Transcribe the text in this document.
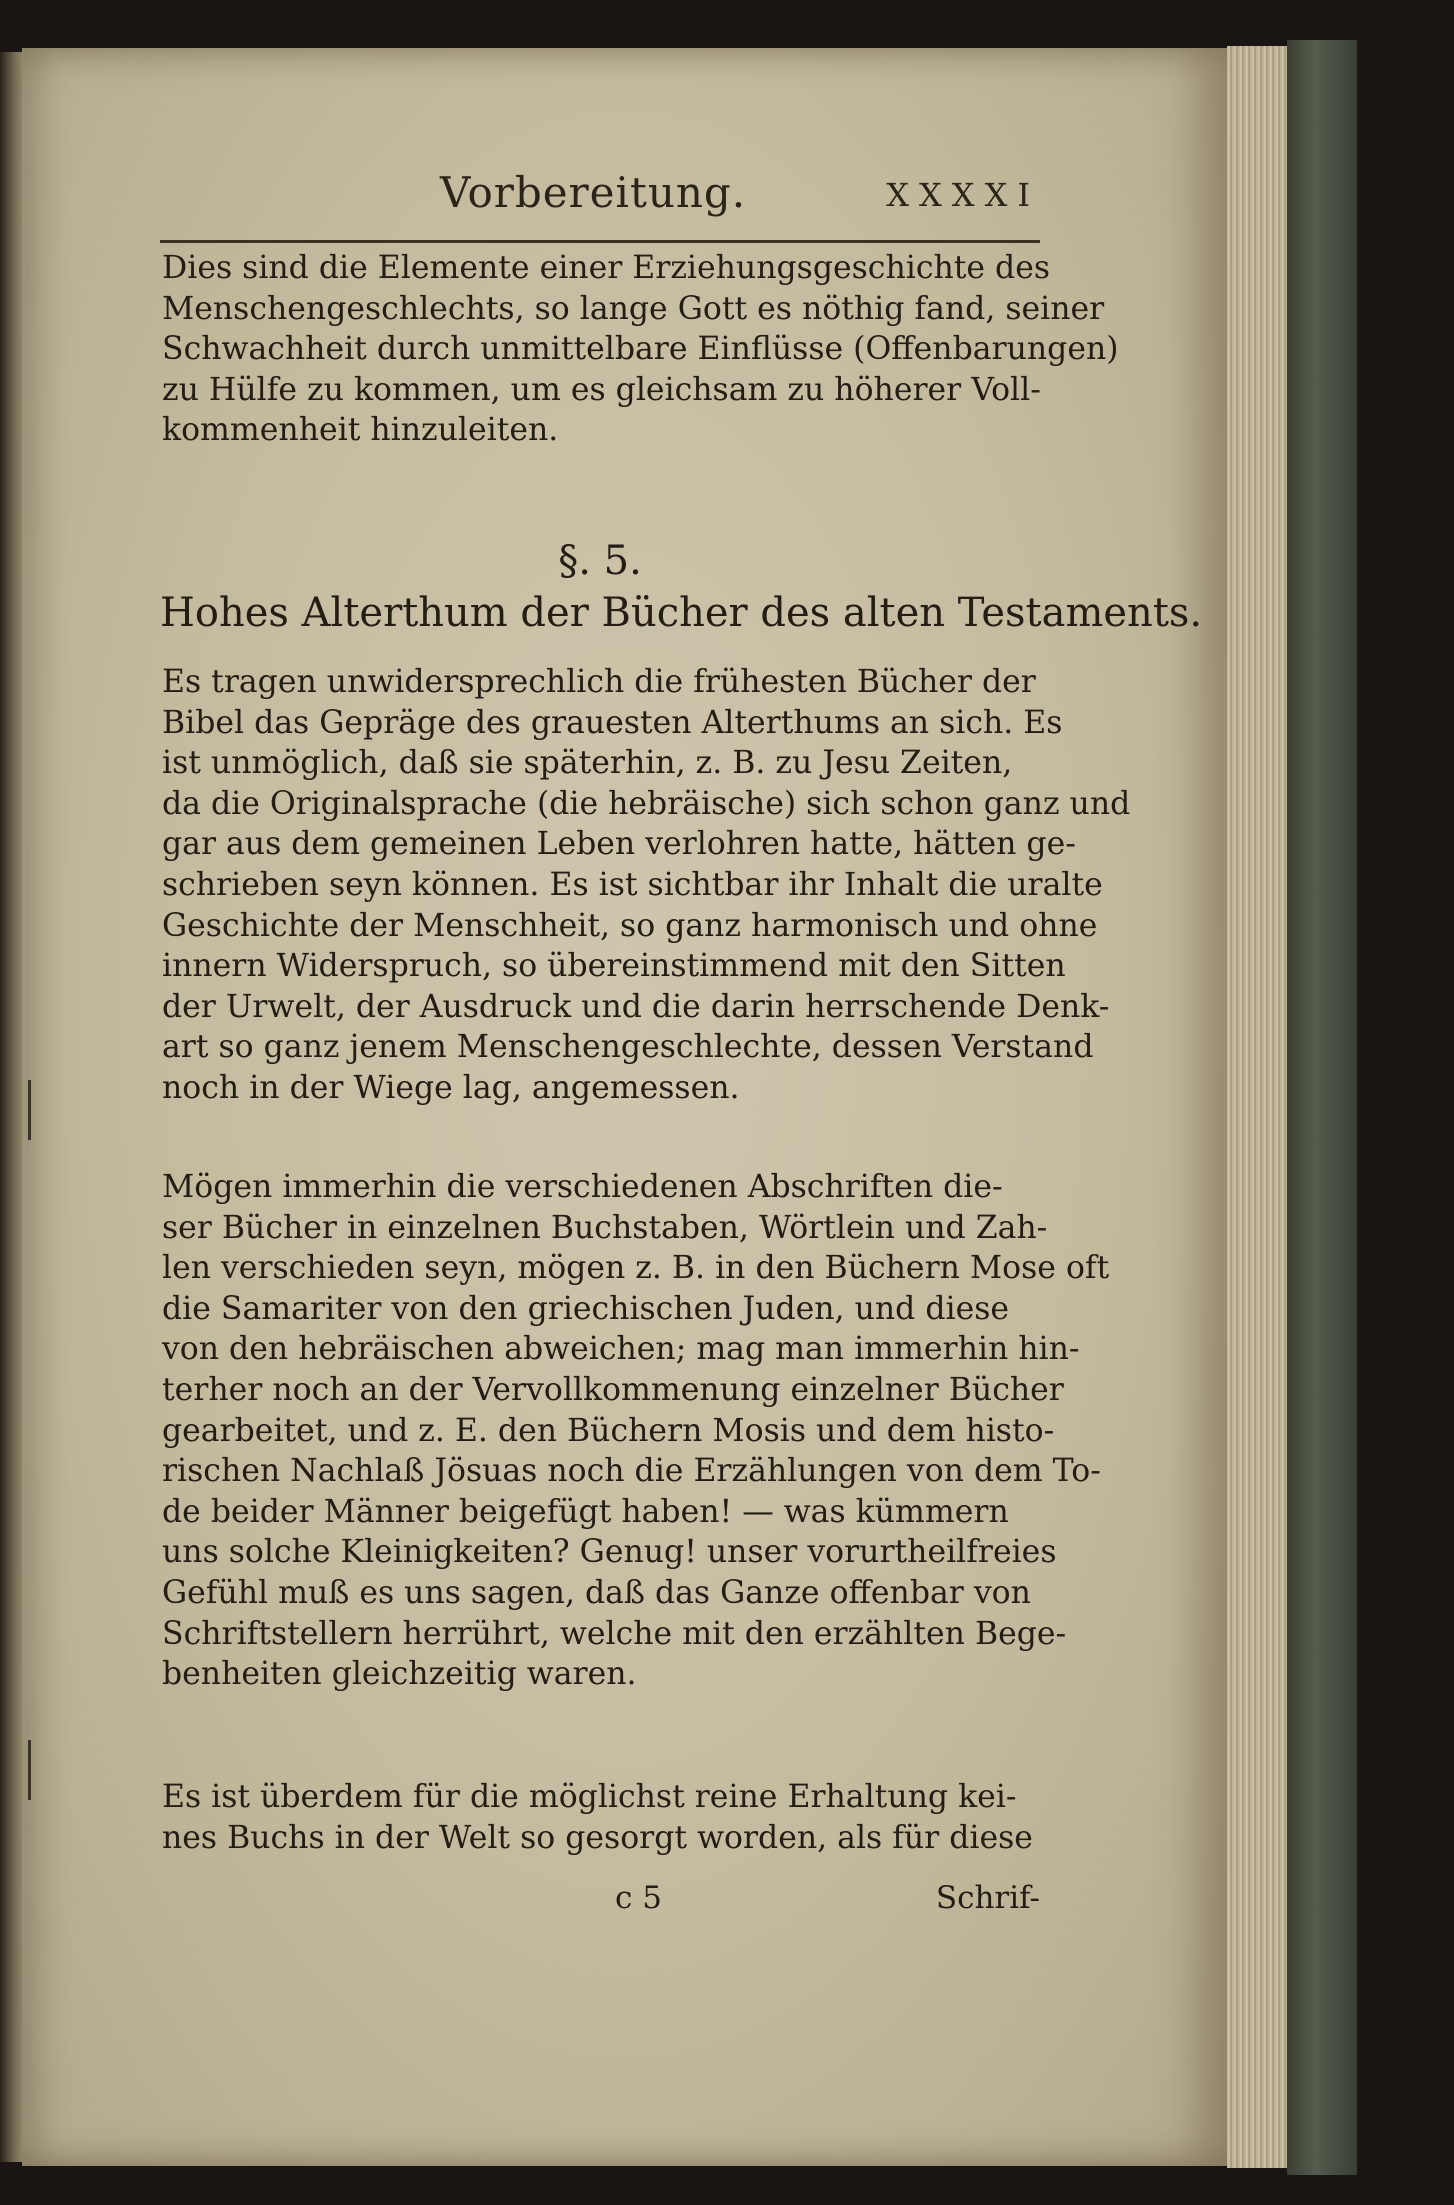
Vorbereitung.	XXXXI
Dies sind die Elemente einer Erziehungsgeschichte des
Menschengeschlechts, so lange Gott es nöthig fand, seiner
Schwachheit durch unmittelbare Einflüsse (Offenbarungen)
zu Hülfe zu kommen, um es gleichsam zu höherer Voll-
kommenheit hinzuleiten.
§. 5.
Hohes Alterthum der Bücher des alten Testaments.
Es tragen unwidersprechlich die frühesten Bücher der
Bibel das Gepräge des grauesten Alterthums an sich. Es
ist unmöglich, daß sie späterhin, z. B. zu Jesu Zeiten,
da die Originalsprache (die hebräische) sich schon ganz und
gar aus dem gemeinen Leben verlohren hatte, hätten ge-
schrieben seyn können. Es ist sichtbar ihr Inhalt die uralte
Geschichte der Menschheit, so ganz harmonisch und ohne
innern Widerspruch, so übereinstimmend mit den Sitten
der Urwelt, der Ausdruck und die darin herrschende Denk-
art so ganz jenem Menschengeschlechte, dessen Verstand
noch in der Wiege lag, angemessen.
Mögen immerhin die verschiedenen Abschriften die-
ser Bücher in einzelnen Buchstaben, Wörtlein und Zah-
len verschieden seyn, mögen z. B. in den Büchern Mose oft
die Samariter von den griechischen Juden, und diese
von den hebräischen abweichen; mag man immerhin hin-
terher noch an der Vervollkommenung einzelner Bücher
gearbeitet, und z. E. den Büchern Mosis und dem histo-
rischen Nachlaß Jösuas noch die Erzählungen von dem To-
de beider Männer beigefügt haben! — was kümmern
uns solche Kleinigkeiten? Genug! unser vorurtheilfreies
Gefühl muß es uns sagen, daß das Ganze offenbar von
Schriftstellern herrührt, welche mit den erzählten Bege-
benheiten gleichzeitig waren.
Es ist überdem für die möglichst reine Erhaltung kei-
nes Buchs in der Welt so gesorgt worden, als für diese
c 5	Schrif-
